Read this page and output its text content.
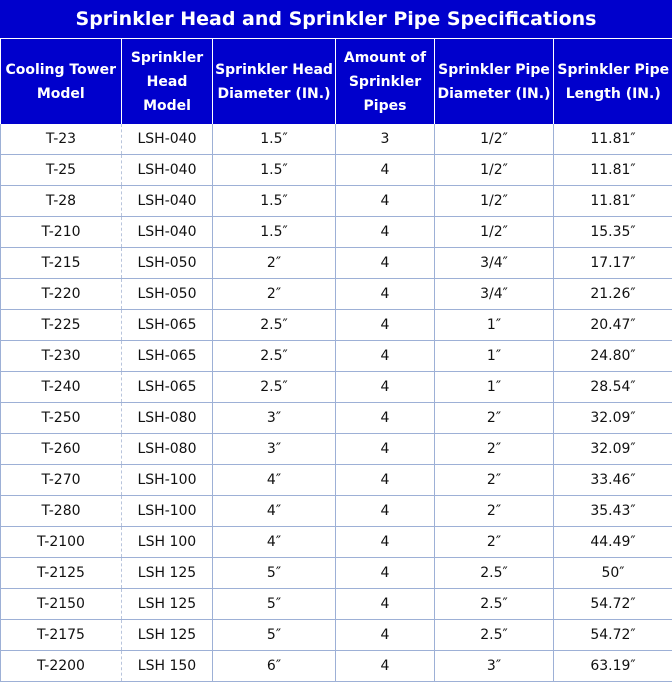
Sprinkler Head and Sprinkler Pipe Specifications
Cooling Tower Model	Sprinkler Head Model	Sprinkler Head Diameter (IN.)	Amount of Sprinkler Pipes	Sprinkler Pipe Diameter (IN.)	Sprinkler Pipe Length (IN.)
T-23	LSH-040	1.5″	3	1/2″	11.81″
T-25	LSH-040	1.5″	4	1/2″	11.81″
T-28	LSH-040	1.5″	4	1/2″	11.81″
T-210	LSH-040	1.5″	4	1/2″	15.35″
T-215	LSH-050	2″	4	3/4″	17.17″
T-220	LSH-050	2″	4	3/4″	21.26″
T-225	LSH-065	2.5″	4	1″	20.47″
T-230	LSH-065	2.5″	4	1″	24.80″
T-240	LSH-065	2.5″	4	1″	28.54″
T-250	LSH-080	3″	4	2″	32.09″
T-260	LSH-080	3″	4	2″	32.09″
T-270	LSH-100	4″	4	2″	33.46″
T-280	LSH-100	4″	4	2″	35.43″
T-2100	LSH 100	4″	4	2″	44.49″
T-2125	LSH 125	5″	4	2.5″	50″
T-2150	LSH 125	5″	4	2.5″	54.72″
T-2175	LSH 125	5″	4	2.5″	54.72″
T-2200	LSH 150	6″	4	3″	63.19″
